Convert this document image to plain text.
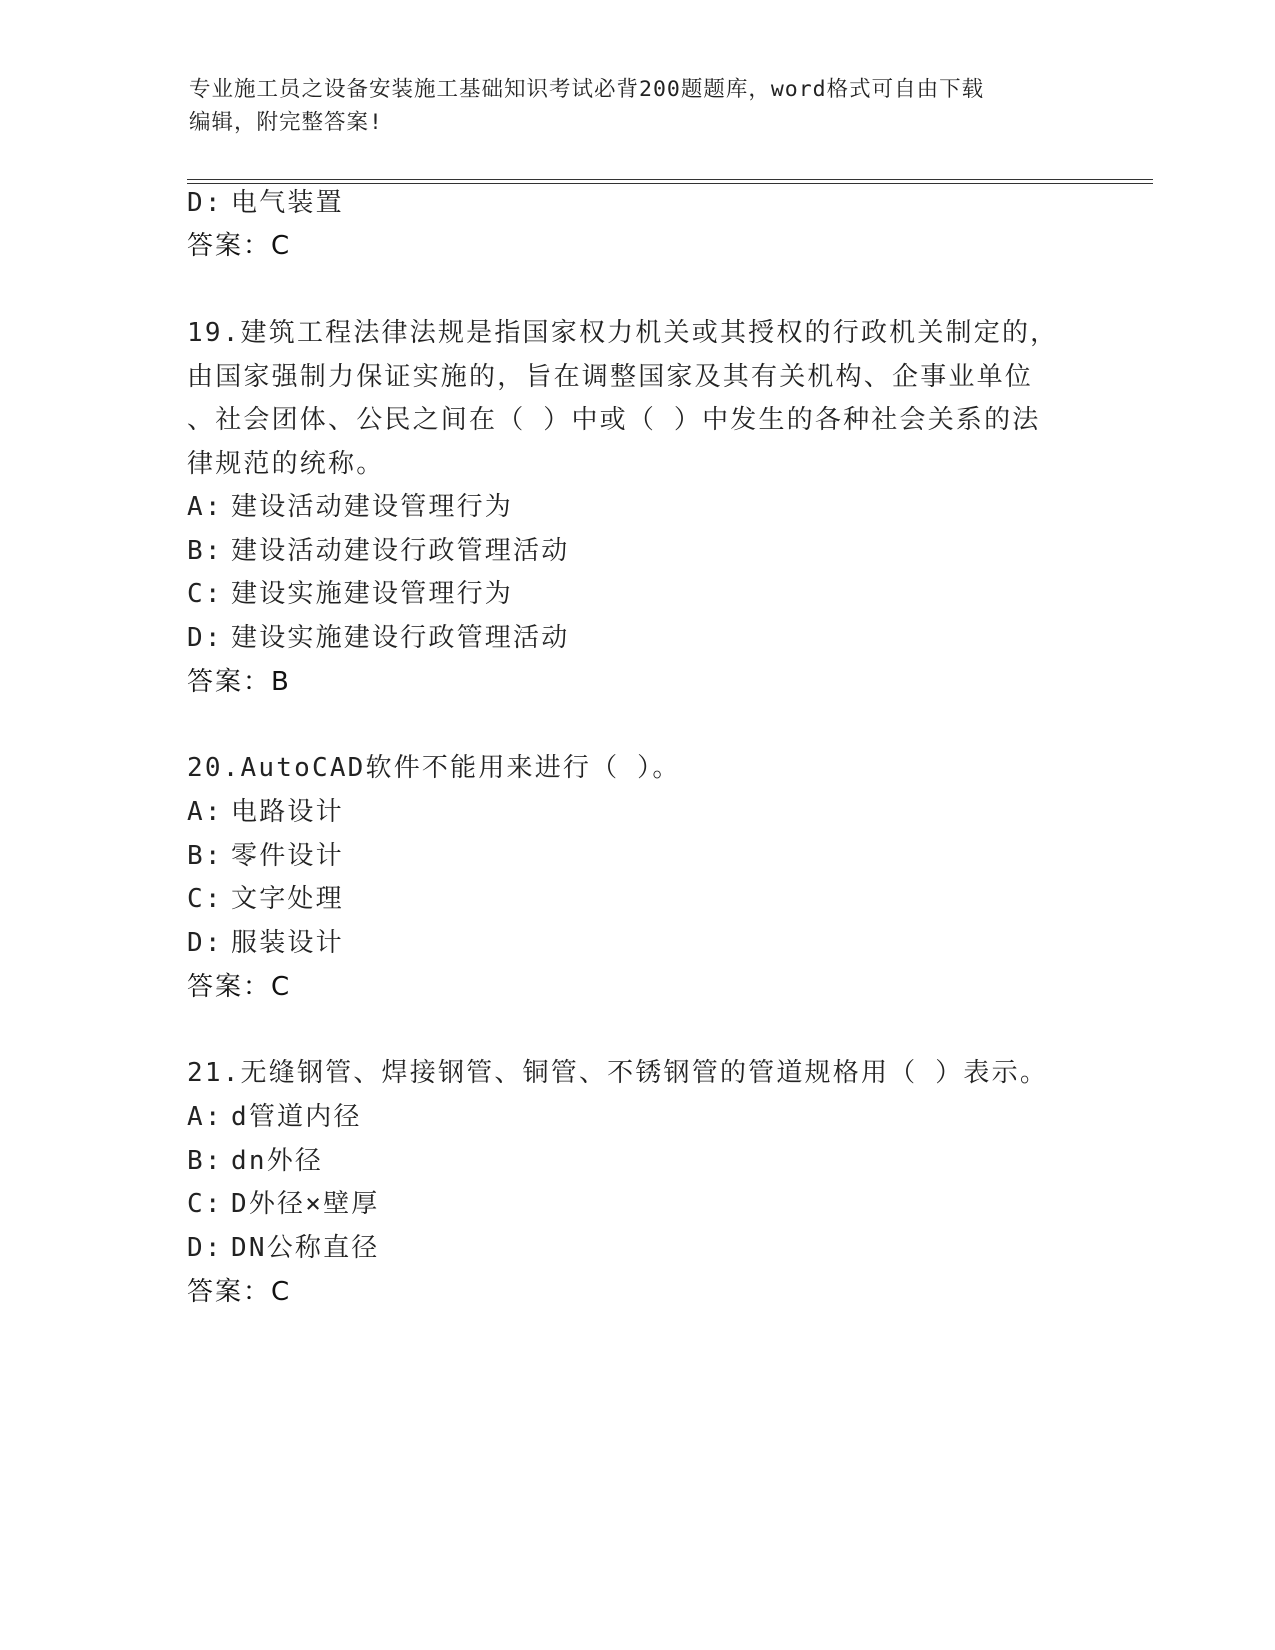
专业施工员之设备安装施工基础知识考试必背200题题库，word格式可自由下载
编辑，附完整答案!
D: 电气装置
答案：C
19.建筑工程法律法规是指国家权力机关或其授权的行政机关制定的，
由国家强制力保证实施的，旨在调整国家及其有关机构、企事业单位
、社会团体、公民之间在（ ）中或（ ）中发生的各种社会关系的法
律规范的统称。
A: 建设活动建设管理行为
B: 建设活动建设行政管理活动
C: 建设实施建设管理行为
D: 建设实施建设行政管理活动
答案：B
20.AutoCAD软件不能用来进行（ ）。
A: 电路设计
B: 零件设计
C: 文字处理
D: 服装设计
答案：C
21.无缝钢管、焊接钢管、铜管、不锈钢管的管道规格用（ ）表示。
A: d管道内径
B: dn外径
C: D外径×壁厚
D: DN公称直径
答案：C
